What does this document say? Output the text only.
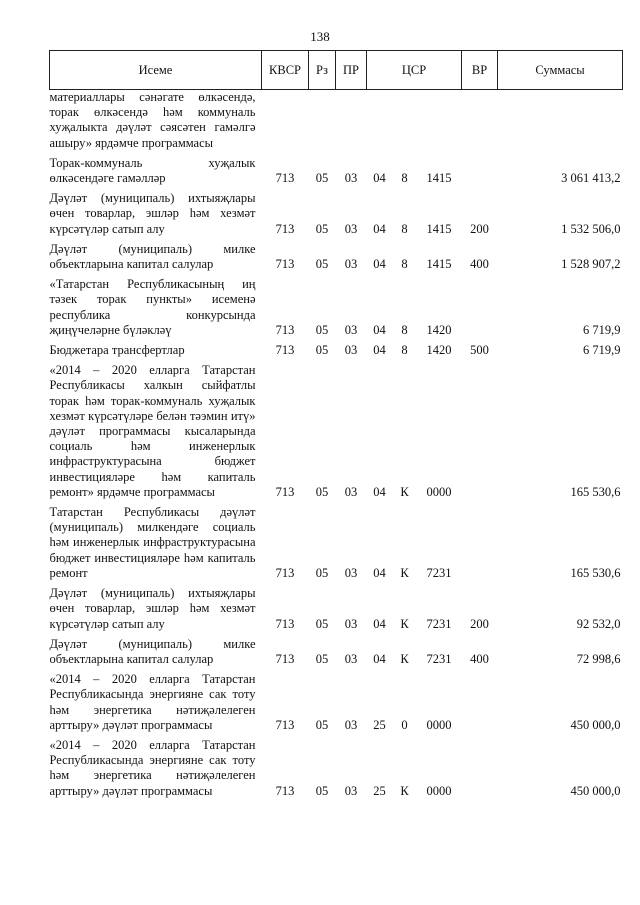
138
Исеме	КВСР	Рз	ПР	ЦСР			ВР	Суммасы
материаллары сәнәгате өлкәсендә, торак өлкәсендә һәм коммуналь хуҗалыкта дәүләт сәясәтен гамәлгә ашыру» ярдәмче программасы								
Торак-коммуналь хуҗалык өлкәсендәге гамәлләр	713	05	03	04	8	1415		3 061 413,2
Дәүләт (муниципаль) ихтыяҗлары өчен товарлар, эшләр һәм хезмәт күрсәтүләр сатып алу	713	05	03	04	8	1415	200	1 532 506,0
Дәүләт (муниципаль) милке объектларына капитал салулар	713	05	03	04	8	1415	400	1 528 907,2
«Татарстан Республикасының иң тәзек торак пункты» исеменә республика конкурсында җиңүчеләрне бүләкләү	713	05	03	04	8	1420		6 719,9
Бюджетара трансфертлар	713	05	03	04	8	1420	500	6 719,9
«2014 – 2020 елларга Татарстан Республикасы халкын сыйфатлы торак һәм торак-коммуналь хуҗалык хезмәт күрсәтүләре белән тәэмин итү» дәүләт программасы кысаларында социаль һәм инженерлык инфраструктурасына бюджет инвестицияләре һәм капиталь ремонт» ярдәмче программасы	713	05	03	04	К	0000		165 530,6
Татарстан Республикасы дәүләт (муниципаль) милкендәге социаль һәм инженерлык инфраструктурасына бюджет инвестицияләре һәм капиталь ремонт	713	05	03	04	К	7231		165 530,6
Дәүләт (муниципаль) ихтыяҗлары өчен товарлар, эшләр һәм хезмәт күрсәтүләр сатып алу	713	05	03	04	К	7231	200	92 532,0
Дәүләт (муниципаль) милке объектларына капитал салулар	713	05	03	04	К	7231	400	72 998,6
«2014 – 2020 елларга Татарстан Республикасында энергияне сак тоту һәм энергетика нәтиҗәлелеген арттыру» дәүләт программасы	713	05	03	25	0	0000		450 000,0
«2014 – 2020 елларга Татарстан Республикасында энергияне сак тоту һәм энергетика нәтиҗәлелеген арттыру» дәүләт программасы	713	05	03	25	К	0000		450 000,0
